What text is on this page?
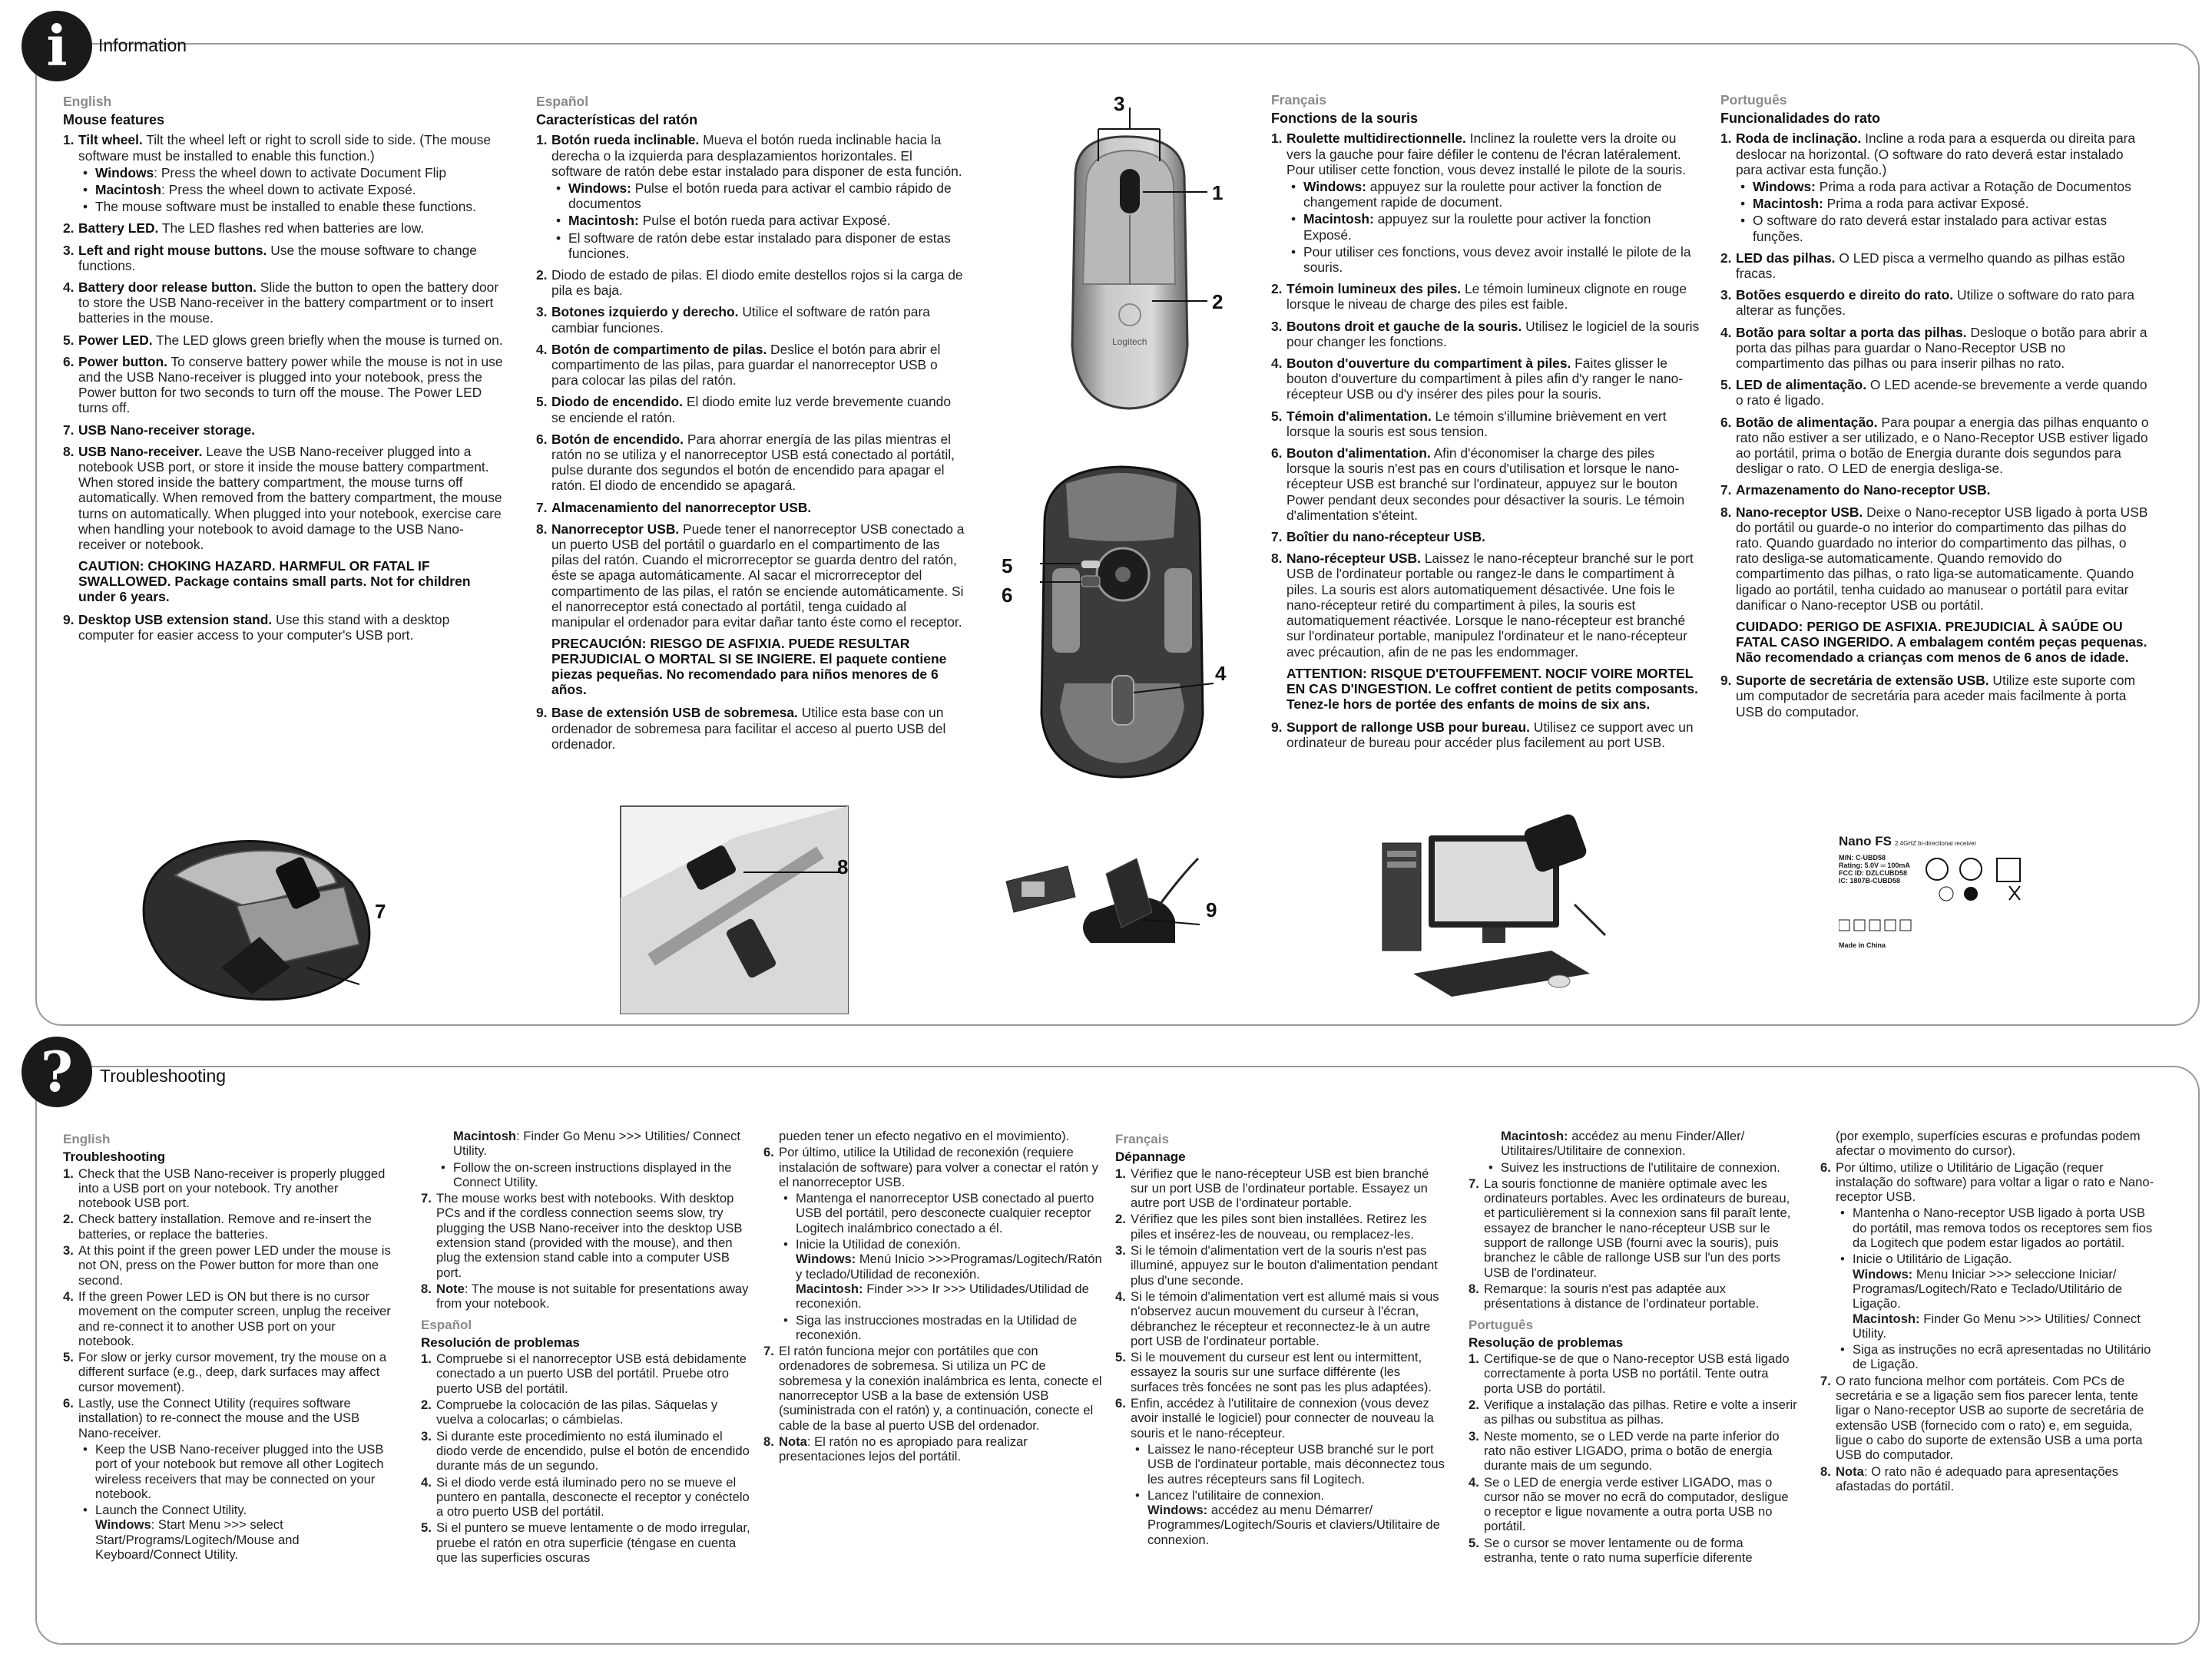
i	Information
English
Mouse features
1. Tilt wheel. Tilt the wheel left or right to scroll side to side. (The mouse software must be installed to enable this function.)
• Windows: Press the wheel down to activate Document Flip
• Macintosh: Press the wheel down to activate Exposé.
• The mouse software must be installed to enable these functions.
2. Battery LED. The LED flashes red when batteries are low.
3. Left and right mouse buttons. Use the mouse software to change functions.
4. Battery door release button. Slide the button to open the battery door to store the USB Nano-receiver in the battery compartment or to insert batteries in the mouse.
5. Power LED. The LED glows green briefly when the mouse is turned on.
6. Power button. To conserve battery power while the mouse is not in use and the USB Nano-receiver is plugged into your notebook, press the Power button for two seconds to turn off the mouse. The Power LED turns off.
7. USB Nano-receiver storage.
8. USB Nano-receiver. Leave the USB Nano-receiver plugged into a notebook USB port, or store it inside the mouse battery compartment. When stored inside the battery compartment, the mouse turns off automatically. When removed from the battery compartment, the mouse turns on automatically. When plugged into your notebook, exercise care when handling your notebook to avoid damage to the USB Nano-receiver or notebook.
CAUTION: CHOKING HAZARD. HARMFUL OR FATAL IF SWALLOWED. Package contains small parts. Not for children under 6 years.
9. Desktop USB extension stand. Use this stand with a desktop computer for easier access to your computer's USB port.
Español
Características del ratón
1. Botón rueda inclinable. Mueva el botón rueda inclinable hacia la derecha o la izquierda para desplazamientos horizontales. El software de ratón debe estar instalado para disponer de esta función.
• Windows: Pulse el botón rueda para activar el cambio rápido de documentos
• Macintosh: Pulse el botón rueda para activar Exposé.
• El software de ratón debe estar instalado para disponer de estas funciones.
2. Diodo de estado de pilas. El diodo emite destellos rojos si la carga de pila es baja.
3. Botones izquierdo y derecho. Utilice el software de ratón para cambiar funciones.
4. Botón de compartimento de pilas. Deslice el botón para abrir el compartimento de las pilas, para guardar el nanorreceptor USB o para colocar las pilas del ratón.
5. Diodo de encendido. El diodo emite luz verde brevemente cuando se enciende el ratón.
6. Botón de encendido. Para ahorrar energía de las pilas mientras el ratón no se utiliza y el nanorreceptor USB está conectado al portátil, pulse durante dos segundos el botón de encendido para apagar el ratón. El diodo de encendido se apagará.
7. Almacenamiento del nanorreceptor USB.
8. Nanorreceptor USB. Puede tener el nanorreceptor USB conectado a un puerto USB del portátil o guardarlo en el compartimento de las pilas del ratón. Cuando el microrreceptor se guarda dentro del ratón, éste se apaga automáticamente. Al sacar el microrreceptor del compartimento de las pilas, el ratón se enciende automáticamente. Si el nanorreceptor está conectado al portátil, tenga cuidado al manipular el ordenador para evitar dañar tanto éste como el receptor.
PRECAUCIÓN: RIESGO DE ASFIXIA. PUEDE RESULTAR PERJUDICIAL O MORTAL SI SE INGIERE. El paquete contiene piezas pequeñas. No recomendado para niños menores de 6 años.
9. Base de extensión USB de sobremesa. Utilice esta base con un ordenador de sobremesa para facilitar el acceso al puerto USB del ordenador.
Français
Fonctions de la souris
1. Roulette multidirectionnelle. Inclinez la roulette vers la droite ou vers la gauche pour faire défiler le contenu de l'écran latéralement. Pour utiliser cette fonction, vous devez installé le pilote de la souris.
• Windows: appuyez sur la roulette pour activer la fonction de changement rapide de document.
• Macintosh: appuyez sur la roulette pour activer la fonction Exposé.
• Pour utiliser ces fonctions, vous devez avoir installé le pilote de la souris.
2. Témoin lumineux des piles. Le témoin lumineux clignote en rouge lorsque le niveau de charge des piles est faible.
3. Boutons droit et gauche de la souris. Utilisez le logiciel de la souris pour changer les fonctions.
4. Bouton d'ouverture du compartiment à piles. Faites glisser le bouton d'ouverture du compartiment à piles afin d'y ranger le nano-récepteur USB ou d'y insérer des piles pour la souris.
5. Témoin d'alimentation. Le témoin s'illumine brièvement en vert lorsque la souris est sous tension.
6. Bouton d'alimentation. Afin d'économiser la charge des piles lorsque la souris n'est pas en cours d'utilisation et lorsque le nano-récepteur USB est branché sur l'ordinateur, appuyez sur le bouton Power pendant deux secondes pour désactiver la souris. Le témoin d'alimentation s'éteint.
7. Boîtier du nano-récepteur USB.
8. Nano-récepteur USB. Laissez le nano-récepteur branché sur le port USB de l'ordinateur portable ou rangez-le dans le compartiment à piles. La souris est alors automatiquement désactivée. Une fois le nano-récepteur retiré du compartiment à piles, la souris est automatiquement réactivée. Lorsque le nano-récepteur est branché sur l'ordinateur portable, manipulez l'ordinateur et le nano-récepteur avec précaution, afin de ne pas les endommager.
ATTENTION: RISQUE D'ETOUFFEMENT. NOCIF VOIRE MORTEL EN CAS D'INGESTION. Le coffret contient de petits composants. Tenez-le hors de portée des enfants de moins de six ans.
9. Support de rallonge USB pour bureau. Utilisez ce support avec un ordinateur de bureau pour accéder plus facilement au port USB.
Português
Funcionalidades do rato
1. Roda de inclinação. Incline a roda para a esquerda ou direita para deslocar na horizontal. (O software do rato deverá estar instalado para activar esta função.)
• Windows: Prima a roda para activar a Rotação de Documentos
• Macintosh: Prima a roda para activar Exposé.
• O software do rato deverá estar instalado para activar estas funções.
2. LED das pilhas. O LED pisca a vermelho quando as pilhas estão fracas.
3. Botões esquerdo e direito do rato. Utilize o software do rato para alterar as funções.
4. Botão para soltar a porta das pilhas. Desloque o botão para abrir a porta das pilhas para guardar o Nano-Receptor USB no compartimento das pilhas ou para inserir pilhas no rato.
5. LED de alimentação. O LED acende-se brevemente a verde quando o rato é ligado.
6. Botão de alimentação. Para poupar a energia das pilhas enquanto o rato não estiver a ser utilizado, e o Nano-Receptor USB estiver ligado ao portátil, prima o botão de Energia durante dois segundos para desligar o rato. O LED de energia desliga-se.
7. Armazenamento do Nano-receptor USB.
8. Nano-receptor USB. Deixe o Nano-receptor USB ligado à porta USB do portátil ou guarde-o no interior do compartimento das pilhas do rato. Quando guardado no interior do compartimento das pilhas, o rato desliga-se automaticamente. Quando removido do compartimento das pilhas, o rato liga-se automaticamente. Quando ligado ao portátil, tenha cuidado ao manusear o portátil para evitar danificar o Nano-receptor USB ou portátil.
CUIDADO: PERIGO DE ASFIXIA. PREJUDICIAL À SAÚDE OU FATAL CASO INGERIDO. A embalagem contém peças pequenas. Não recomendado a crianças com menos de 6 anos de idade.
9. Suporte de secretária de extensão USB. Utilize este suporte com um computador de secretária para aceder mais facilmente à porta USB do computador.
3
1
2
Logitech
5
6
4
7
8
9
Nano FS 2.4GHZ bi-directional receiver
M/N: C-UBD58
Rating: 5.0V ═ 100mA
FCC ID: DZLCUBD58
IC: 1807B-CUBD58
Made in China
?	Troubleshooting
English
Troubleshooting
1. Check that the USB Nano-receiver is properly plugged into a USB port on your notebook. Try another notebook USB port.
2. Check battery installation. Remove and re-insert the batteries, or replace the batteries.
3. At this point if the green power LED under the mouse is not ON, press on the Power button for more than one second.
4. If the green Power LED is ON but there is no cursor movement on the computer screen, unplug the receiver and re-connect it to another USB port on your notebook.
5. For slow or jerky cursor movement, try the mouse on a different surface (e.g., deep, dark surfaces may affect cursor movement).
6. Lastly, use the Connect Utility (requires software installation) to re-connect the mouse and the USB Nano-receiver.
• Keep the USB Nano-receiver plugged into the USB port of your notebook but remove all other Logitech wireless receivers that may be connected on your notebook.
• Launch the Connect Utility.
Windows: Start Menu >>> select Start/Programs/Logitech/Mouse and Keyboard/Connect Utility.
Macintosh: Finder Go Menu >>> Utilities/ Connect Utility.
• Follow the on-screen instructions displayed in the Connect Utility.
7. The mouse works best with notebooks. With desktop PCs and if the cordless connection seems slow, try plugging the USB Nano-receiver into the desktop USB extension stand (provided with the mouse), and then plug the extension stand cable into a computer USB port.
8. Note: The mouse is not suitable for presentations away from your notebook.
Español
Resolución de problemas
1. Compruebe si el nanorreceptor USB está debidamente conectado a un puerto USB del portátil. Pruebe otro puerto USB del portátil.
2. Compruebe la colocación de las pilas. Sáquelas y vuelva a colocarlas; o cámbielas.
3. Si durante este procedimiento no está iluminado el diodo verde de encendido, pulse el botón de encendido durante más de un segundo.
4. Si el diodo verde está iluminado pero no se mueve el puntero en pantalla, desconecte el receptor y conéctelo a otro puerto USB del portátil.
5. Si el puntero se mueve lentamente o de modo irregular, pruebe el ratón en otra superficie (téngase en cuenta que las superficies oscuras
pueden tener un efecto negativo en el movimiento).
6. Por último, utilice la Utilidad de reconexión (requiere instalación de software) para volver a conectar el ratón y el nanorreceptor USB.
• Mantenga el nanorreceptor USB conectado al puerto USB del portátil, pero desconecte cualquier receptor Logitech inalámbrico conectado a él.
• Inicie la Utilidad de conexión.
Windows: Menú Inicio >>>Programas/Logitech/Ratón y teclado/Utilidad de reconexión.
Macintosh: Finder >>> Ir >>> Utilidades/Utilidad de reconexión.
• Siga las instrucciones mostradas en la Utilidad de reconexión.
7. El ratón funciona mejor con portátiles que con ordenadores de sobremesa. Si utiliza un PC de sobremesa y la conexión inalámbrica es lenta, conecte el nanorreceptor USB a la base de extensión USB (suministrada con el ratón) y, a continuación, conecte el cable de la base al puerto USB del ordenador.
8. Nota: El ratón no es apropiado para realizar presentaciones lejos del portátil.
Français
Dépannage
1. Vérifiez que le nano-récepteur USB est bien branché sur un port USB de l'ordinateur portable. Essayez un autre port USB de l'ordinateur portable.
2. Vérifiez que les piles sont bien installées. Retirez les piles et insérez-les de nouveau, ou remplacez-les.
3. Si le témoin d'alimentation vert de la souris n'est pas illuminé, appuyez sur le bouton d'alimentation pendant plus d'une seconde.
4. Si le témoin d'alimentation vert est allumé mais si vous n'observez aucun mouvement du curseur à l'écran, débranchez le récepteur et reconnectez-le à un autre port USB de l'ordinateur portable.
5. Si le mouvement du curseur est lent ou intermittent, essayez la souris sur une surface différente (les surfaces très foncées ne sont pas les plus adaptées).
6. Enfin, accédez à l'utilitaire de connexion (vous devez avoir installé le logiciel) pour connecter de nouveau la souris et le nano-récepteur.
• Laissez le nano-récepteur USB branché sur le port USB de l'ordinateur portable, mais déconnectez tous les autres récepteurs sans fil Logitech.
• Lancez l'utilitaire de connexion.
Windows: accédez au menu Démarrer/ Programmes/Logitech/Souris et claviers/Utilitaire de connexion.
Macintosh: accédez au menu Finder/Aller/ Utilitaires/Utilitaire de connexion.
• Suivez les instructions de l'utilitaire de connexion.
7. La souris fonctionne de manière optimale avec les ordinateurs portables. Avec les ordinateurs de bureau, et particulièrement si la connexion sans fil paraît lente, essayez de brancher le nano-récepteur USB sur le support de rallonge USB (fourni avec la souris), puis branchez le câble de rallonge USB sur l'un des ports USB de l'ordinateur.
8. Remarque: la souris n'est pas adaptée aux présentations à distance de l'ordinateur portable.
Português
Resolução de problemas
1. Certifique-se de que o Nano-receptor USB está ligado correctamente à porta USB no portátil. Tente outra porta USB do portátil.
2. Verifique a instalação das pilhas. Retire e volte a inserir as pilhas ou substitua as pilhas.
3. Neste momento, se o LED verde na parte inferior do rato não estiver LIGADO, prima o botão de energia durante mais de um segundo.
4. Se o LED de energia verde estiver LIGADO, mas o cursor não se mover no ecrã do computador, desligue o receptor e ligue novamente a outra porta USB no portátil.
5. Se o cursor se mover lentamente ou de forma estranha, tente o rato numa superfície diferente
(por exemplo, superfícies escuras e profundas podem afectar o movimento do cursor).
6. Por último, utilize o Utilitário de Ligação (requer instalação do software) para voltar a ligar o rato e Nano-receptor USB.
• Mantenha o Nano-receptor USB ligado à porta USB do portátil, mas remova todos os receptores sem fios da Logitech que podem estar ligados ao portátil.
• Inicie o Utilitário de Ligação.
Windows: Menu Iniciar >>> seleccione Iniciar/ Programas/Logitech/Rato e Teclado/Utilitário de Ligação.
Macintosh: Finder Go Menu >>> Utilities/ Connect Utility.
• Siga as instruções no ecrã apresentadas no Utilitário de Ligação.
7. O rato funciona melhor com portáteis. Com PCs de secretária e se a ligação sem fios parecer lenta, tente ligar o Nano-receptor USB ao suporte de secretária de extensão USB (fornecido com o rato) e, em seguida, ligue o cabo do suporte de extensão USB a uma porta USB do computador.
8. Nota: O rato não é adequado para apresentações afastadas do portátil.
